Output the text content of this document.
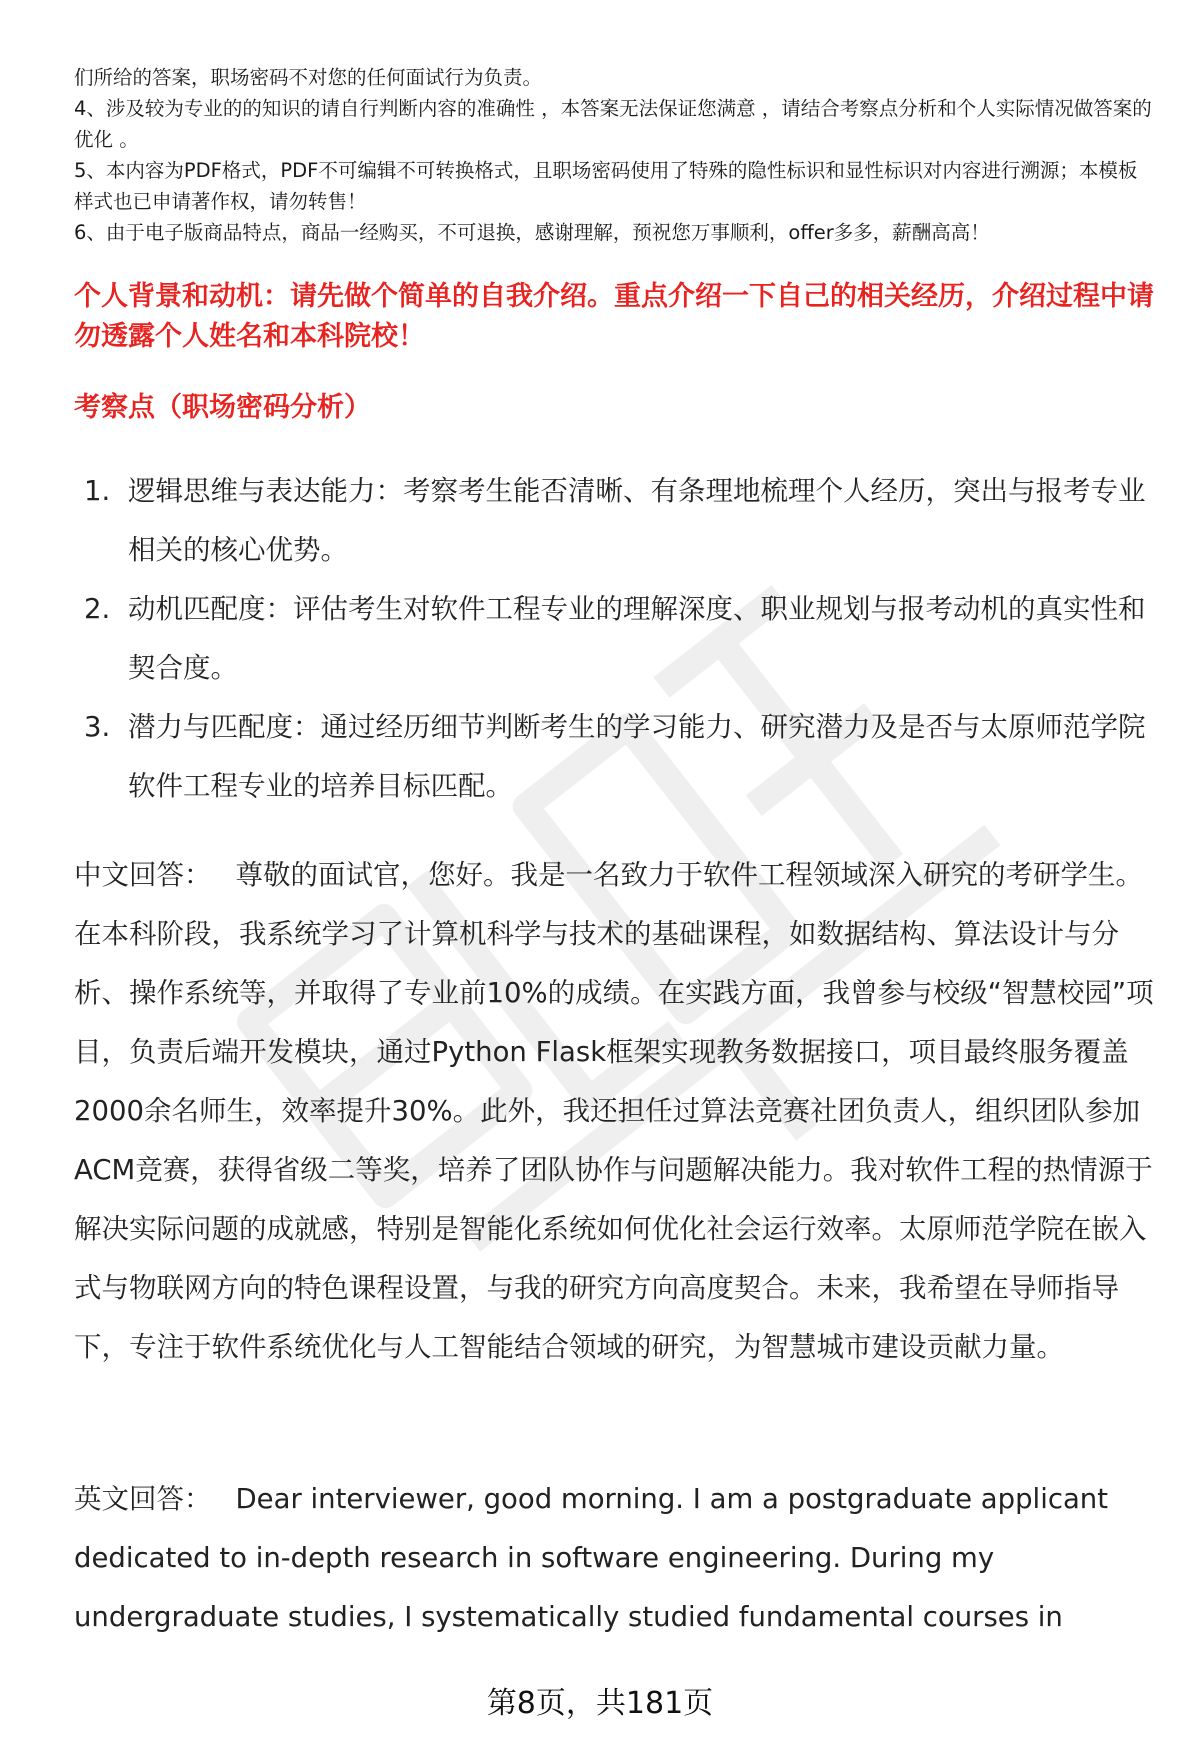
们所给的答案，职场密码不对您的任何面试行为负责。

4、涉及较为专业的的知识的请自行判断内容的准确性 ，本答案无法保证您满意 ，请结合考察点分析和个人实际情况做答案的优化 。

5、本内容为PDF格式，PDF不可编辑不可转换格式，且职场密码使用了特殊的隐性标识和显性标识对内容进行溯源；本模板样式也已申请著作权，请勿转售！

6、由于电子版商品特点，商品一经购买，不可退换，感谢理解，预祝您万事顺利，offer多多，薪酬高高！

个人背景和动机：请先做个简单的自我介绍。重点介绍一下自己的相关经历，介绍过程中请勿透露个人姓名和本科院校！
考察点（职场密码分析）
1. 逻辑思维与表达能力：考察考生能否清晰、有条理地梳理个人经历，突出与报考专业相关的核心优势。
2. 动机匹配度：评估考生对软件工程专业的理解深度、职业规划与报考动机的真实性和契合度。
3. 潜力与匹配度：通过经历细节判断考生的学习能力、研究潜力及是否与太原师范学院软件工程专业的培养目标匹配。

中文回答： 尊敬的面试官，您好。我是一名致力于软件工程领域深入研究的考研学生。在本科阶段，我系统学习了计算机科学与技术的基础课程，如数据结构、算法设计与分析、操作系统等，并取得了专业前10%的成绩。在实践方面，我曾参与校级“智慧校园”项目，负责后端开发模块，通过Python Flask框架实现教务数据接口，项目最终服务覆盖2000余名师生，效率提升30%。此外，我还担任过算法竞赛社团负责人，组织团队参加ACM竞赛，获得省级二等奖，培养了团队协作与问题解决能力。我对软件工程的热情源于解决实际问题的成就感，特别是智能化系统如何优化社会运行效率。太原师范学院在嵌入式与物联网方向的特色课程设置，与我的研究方向高度契合。未来，我希望在导师指导下，专注于软件系统优化与人工智能结合领域的研究，为智慧城市建设贡献力量。

英文回答： Dear interviewer, good morning. I am a postgraduate applicant dedicated to in-depth research in software engineering. During my undergraduate studies, I systematically studied fundamental courses in

第8页，共181页
